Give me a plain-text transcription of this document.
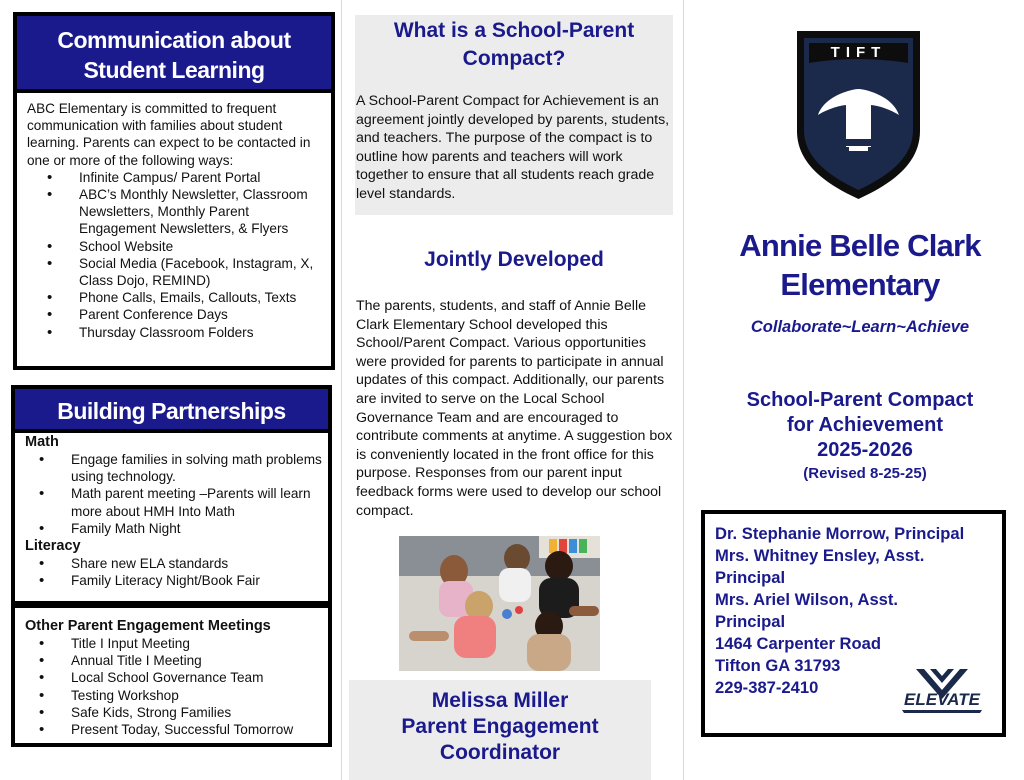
Communication about
Student Learning
ABC Elementary is committed to frequent communication with families about student learning. Parents can expect to be contacted in one or more of the following ways:
• Infinite Campus/ Parent Portal
• ABC’s Monthly Newsletter, Classroom Newsletters, Monthly Parent Engagement Newsletters, & Flyers
• School Website
• Social Media (Facebook, Instagram, X, Class Dojo, REMIND)
• Phone Calls, Emails, Callouts, Texts
• Parent Conference Days
• Thursday Classroom Folders
Building Partnerships
Math
• Engage families in solving math problems using technology.
• Math parent meeting –Parents will learn more about HMH Into Math
• Family Math Night
Literacy
• Share new ELA standards
• Family Literacy Night/Book Fair
Other Parent Engagement Meetings
• Title I Input Meeting
• Annual Title I Meeting
• Local School Governance Team
• Testing Workshop
• Safe Kids, Strong Families
• Present Today, Successful Tomorrow
What is a School-Parent
Compact?
A School-Parent Compact for Achievement is an agreement jointly developed by parents, students, and teachers. The purpose of the compact is to outline how parents and teachers will work together to ensure that all students reach grade level standards.
Jointly Developed
The parents, students, and staff of Annie Belle Clark Elementary School developed this School/Parent Compact. Various opportunities were provided for parents to participate in annual updates of this compact. Additionally, our parents are invited to serve on the Local School Governance Team and are encouraged to contribute comments at anytime. A suggestion box is conveniently located in the front office for this purpose. Responses from our parent input feedback forms were used to develop our school compact.
Melissa Miller
Parent Engagement
Coordinator
TIFT
Annie Belle Clark
Elementary
Collaborate~Learn~Achieve
School-Parent Compact
for Achievement
2025-2026
(Revised 8-25-25)
Dr. Stephanie Morrow, Principal
Mrs. Whitney Ensley, Asst.
Principal
Mrs. Ariel Wilson, Asst.
Principal
1464 Carpenter Road
Tifton GA 31793
229-387-2410
ELEVATE
